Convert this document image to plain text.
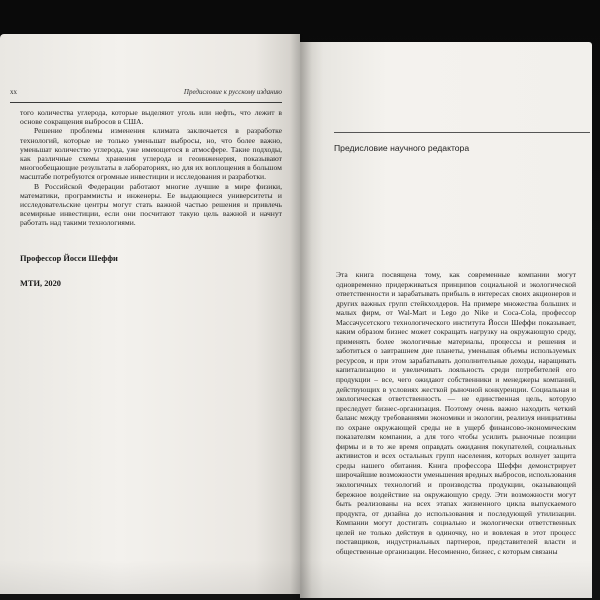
xx	Предисловие к русскому изданию

того количества углерода, которые выделяют уголь или нефть, что лежит в основе сокращения выбросов в США.

Решение проблемы изменения климата заключается в разработке технологий, которые не только уменьшат выбросы, но, что более важно, уменьшат количество углерода, уже имеющегося в атмосфере. Такие подходы, как различные схемы хранения углерода и геоинженерия, показывают многообещающие результаты в лабораториях, но для их воплощения в большом масштабе потребуются огромные инвестиции и исследования и разработки.

В Российской Федерации работают многие лучшие в мире физики, математики, программисты и инженеры. Ее выдающиеся университеты и исследовательские центры могут стать важной частью решения и привлечь всемирные инвестиции, если они посчитают такую цель важной и начнут работать над такими технологиями.

Профессор Йосси Шеффи
МТИ, 2020
Предисловие научного редактора

Эта книга посвящена тому, как современные компании могут одновременно придерживаться принципов социальной и экологической ответственности и зарабатывать прибыль в интересах своих акционеров и других важных групп стейкхолдеров. На примере множества больших и малых фирм, от Wal-Mart и Lego до Nike и Coca-Cola, профессор Массачусетского технологического института Йосси Шеффи показывает, каким образом бизнес может сокращать нагрузку на окружающую среду, применять более экологичные материалы, процессы и решения и заботиться о завтрашнем дне планеты, уменьшая объемы используемых ресурсов, и при этом зарабатывать дополнительные доходы, наращивать капитализацию и увеличивать лояльность среди потребителей его продукции – все, чего ожидают собственники и менеджеры компаний, действующих в условиях жесткой рыночной конкуренции. Социальная и экологическая ответственность — не единственная цель, которую преследует бизнес-организация. Поэтому очень важно находить четкий баланс между требованиями экономики и экологии, реализуя инициативы по охране окружающей среды не в ущерб финансово-экономическим показателям компании, а для того чтобы усилить рыночные позиции фирмы и в то же время оправдать ожидания покупателей, социальных активистов и всех остальных групп населения, которых волнует защита среды нашего обитания. Книга профессора Шеффи демонстрирует широчайшие возможности уменьшения вредных выбросов, использования экологичных технологий и производства продукции, оказывающей бережное воздействие на окружающую среду. Эти возможности могут быть реализованы на всех этапах жизненного цикла выпускаемого продукта, от дизайна до использования и последующей утилизации. Компании могут достигать социально и экологически ответственных целей не только действуя в одиночку, но и вовлекая в этот процесс поставщиков, индустриальных партнеров, представителей власти и общественные организации. Несомненно, бизнес, с которым связаны
